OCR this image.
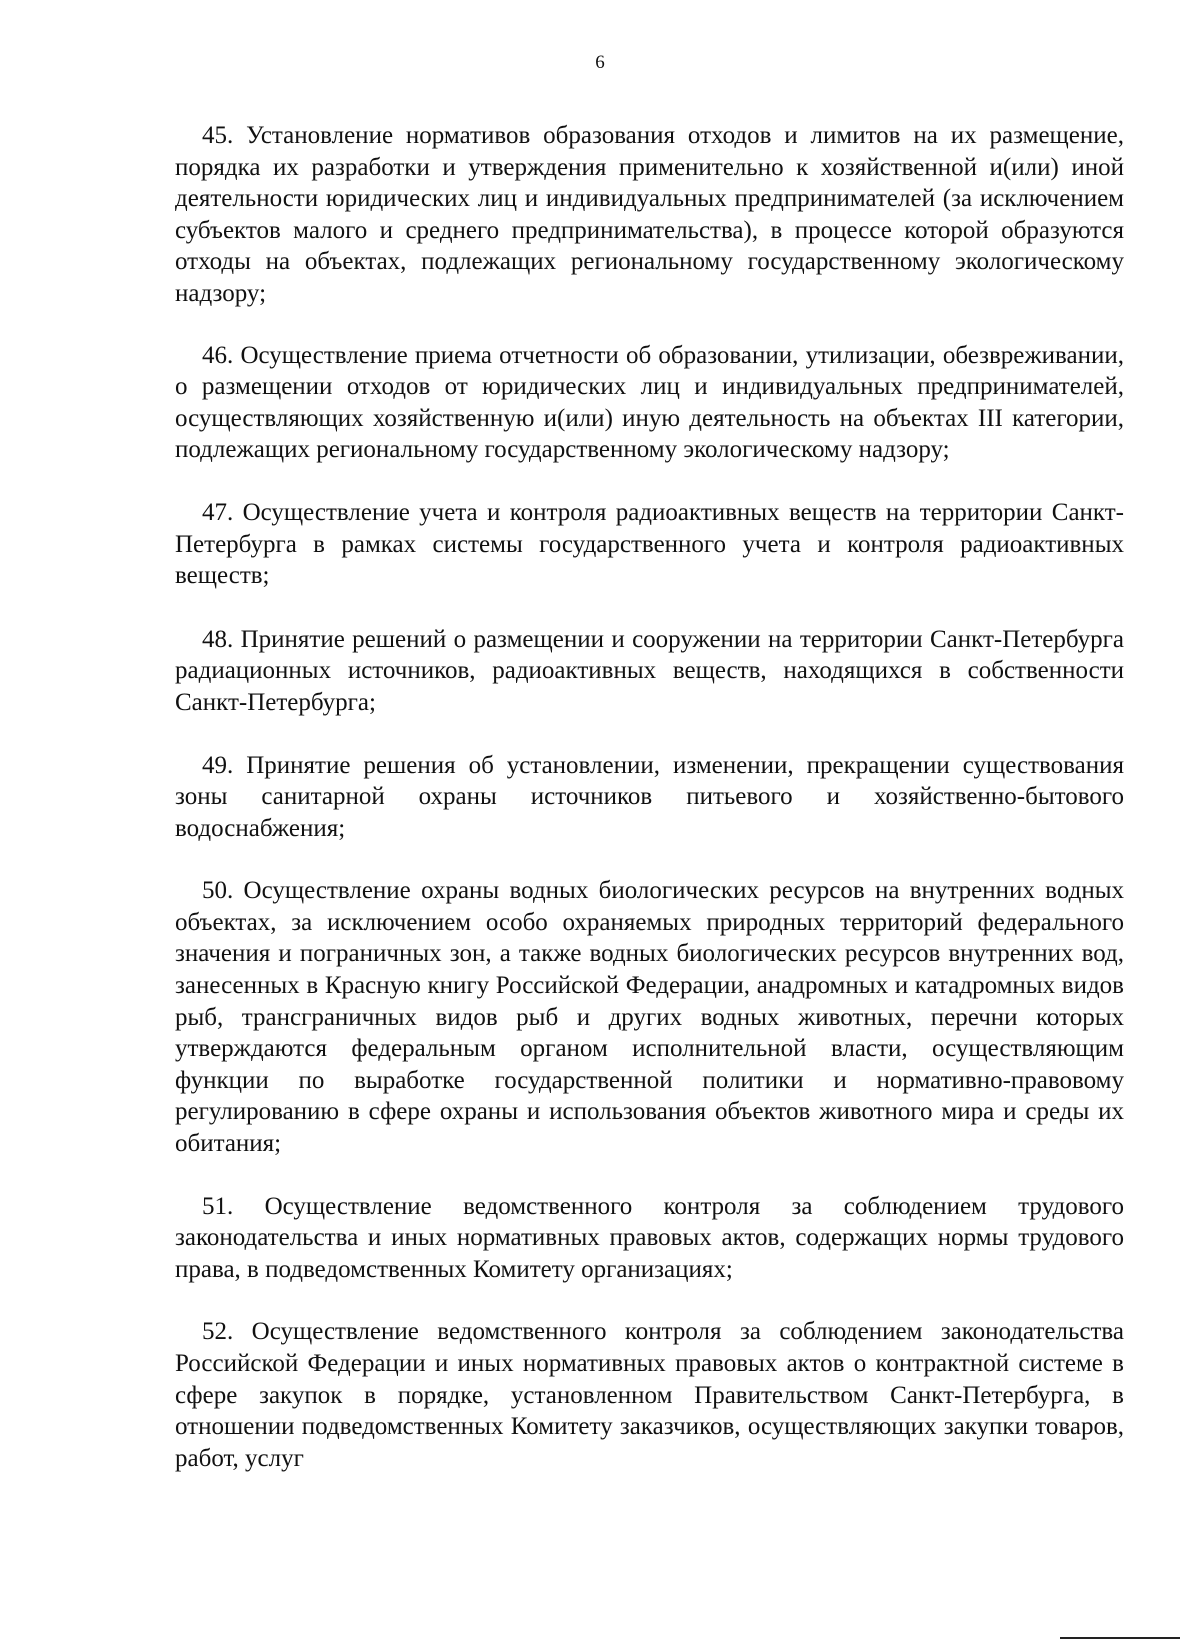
6

45. Установление нормативов образования отходов и лимитов на их размещение, порядка их разработки и утверждения применительно к хозяйственной и(или) иной деятельности юридических лиц и индивидуальных предпринимателей (за исключением субъектов малого и среднего предпринимательства), в процессе которой образуются отходы на объектах, подлежащих региональному государственному экологическому надзору;

46. Осуществление приема отчетности об образовании, утилизации, обезвреживании, о размещении отходов от юридических лиц и индивидуальных предпринимателей, осуществляющих хозяйственную и(или) иную деятельность на объектах III категории, подлежащих региональному государственному экологическому надзору;

47. Осуществление учета и контроля радиоактивных веществ на территории Санкт-Петербурга в рамках системы государственного учета и контроля радиоактивных веществ;

48. Принятие решений о размещении и сооружении на территории Санкт-Петербурга радиационных источников, радиоактивных веществ, находящихся в собственности Санкт-Петербурга;

49. Принятие решения об установлении, изменении, прекращении существования зоны санитарной охраны источников питьевого и хозяйственно-бытового водоснабжения;

50. Осуществление охраны водных биологических ресурсов на внутренних водных объектах, за исключением особо охраняемых природных территорий федерального значения и пограничных зон, а также водных биологических ресурсов внутренних вод, занесенных в Красную книгу Российской Федерации, анадромных и катадромных видов рыб, трансграничных видов рыб и других водных животных, перечни которых утверждаются федеральным органом исполнительной власти, осуществляющим функции по выработке государственной политики и нормативно-правовому регулированию в сфере охраны и использования объектов животного мира и среды их обитания;

51. Осуществление ведомственного контроля за соблюдением трудового законодательства и иных нормативных правовых актов, содержащих нормы трудового права, в подведомственных Комитету организациях;

52. Осуществление ведомственного контроля за соблюдением законодательства Российской Федерации и иных нормативных правовых актов о контрактной системе в сфере закупок в порядке, установленном Правительством Санкт-Петербурга, в отношении подведомственных Комитету заказчиков, осуществляющих закупки товаров, работ, услуг
